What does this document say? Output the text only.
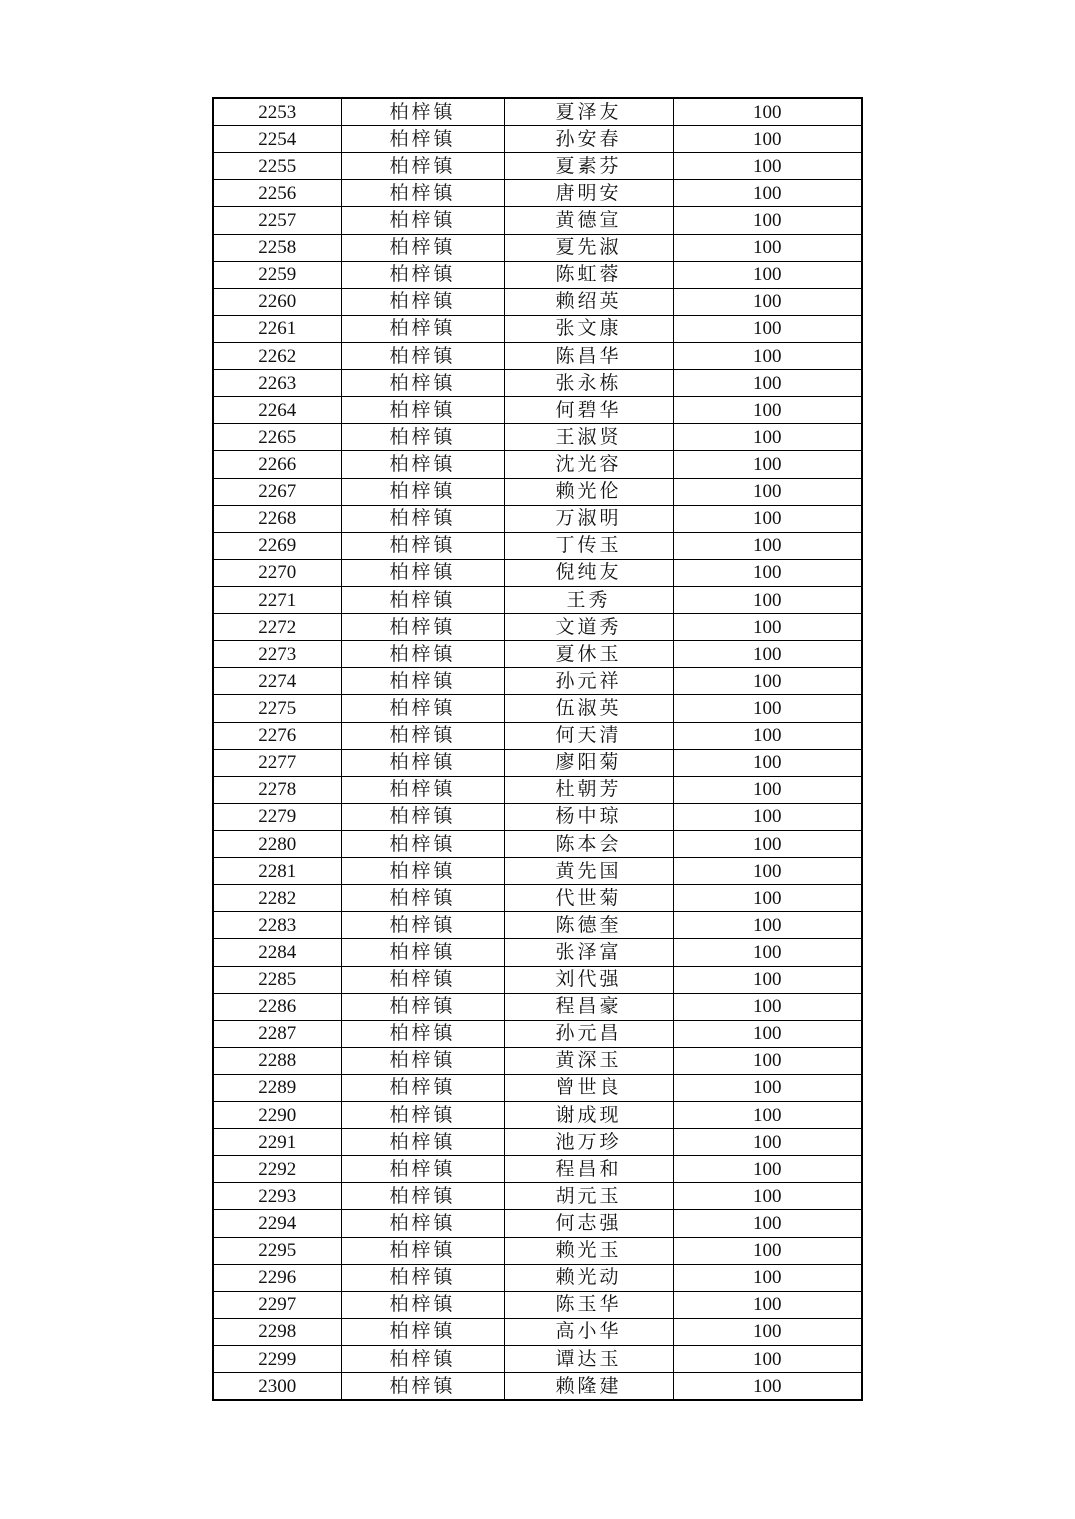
2253	柏梓镇	夏泽友	100
2254	柏梓镇	孙安春	100
2255	柏梓镇	夏素芬	100
2256	柏梓镇	唐明安	100
2257	柏梓镇	黄德宣	100
2258	柏梓镇	夏先淑	100
2259	柏梓镇	陈虹蓉	100
2260	柏梓镇	赖绍英	100
2261	柏梓镇	张文康	100
2262	柏梓镇	陈昌华	100
2263	柏梓镇	张永栋	100
2264	柏梓镇	何碧华	100
2265	柏梓镇	王淑贤	100
2266	柏梓镇	沈光容	100
2267	柏梓镇	赖光伦	100
2268	柏梓镇	万淑明	100
2269	柏梓镇	丁传玉	100
2270	柏梓镇	倪纯友	100
2271	柏梓镇	王秀	100
2272	柏梓镇	文道秀	100
2273	柏梓镇	夏休玉	100
2274	柏梓镇	孙元祥	100
2275	柏梓镇	伍淑英	100
2276	柏梓镇	何天清	100
2277	柏梓镇	廖阳菊	100
2278	柏梓镇	杜朝芳	100
2279	柏梓镇	杨中琼	100
2280	柏梓镇	陈本会	100
2281	柏梓镇	黄先国	100
2282	柏梓镇	代世菊	100
2283	柏梓镇	陈德奎	100
2284	柏梓镇	张泽富	100
2285	柏梓镇	刘代强	100
2286	柏梓镇	程昌豪	100
2287	柏梓镇	孙元昌	100
2288	柏梓镇	黄深玉	100
2289	柏梓镇	曾世良	100
2290	柏梓镇	谢成现	100
2291	柏梓镇	池万珍	100
2292	柏梓镇	程昌和	100
2293	柏梓镇	胡元玉	100
2294	柏梓镇	何志强	100
2295	柏梓镇	赖光玉	100
2296	柏梓镇	赖光动	100
2297	柏梓镇	陈玉华	100
2298	柏梓镇	高小华	100
2299	柏梓镇	谭达玉	100
2300	柏梓镇	赖隆建	100
